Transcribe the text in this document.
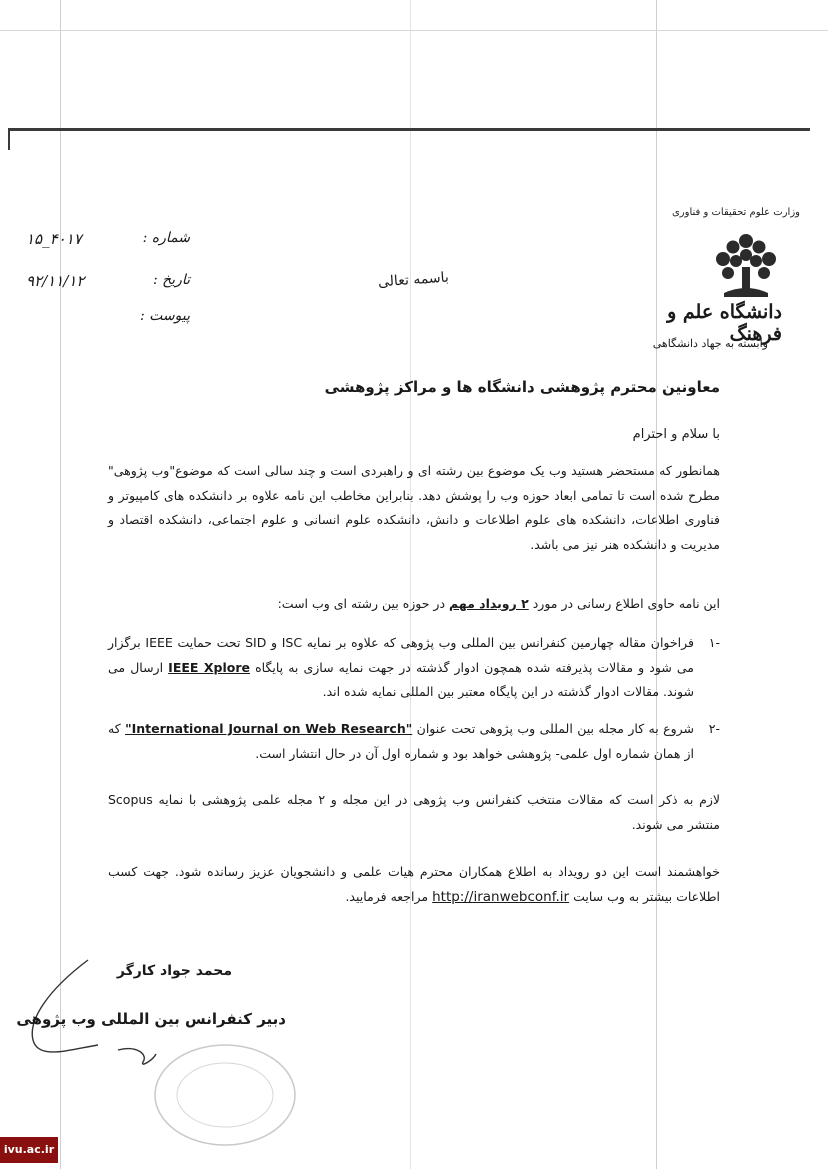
وزارت علوم تحقیقات و فناوری
دانشگاه علم و فرهنگ
وابسته به جهاد دانشگاهی
باسمه تعالی
شماره :
۱۵_۴۰۱۷
تاریخ :
۹۲/۱۱/۱۲
پیوست :
معاونین محترم پژوهشی دانشگاه ها و مراکز پژوهشی
با سلام و احترام
همانطور که مستحضر هستید وب یک موضوع بین رشته ای و راهبردی است و چند سالی است که موضوع"وب پژوهی" مطرح شده است تا تمامی ابعاد حوزه وب را پوشش دهد. بنابراین مخاطب این نامه علاوه بر دانشکده های کامپیوتر و فناوری اطلاعات، دانشکده های علوم اطلاعات و دانش، دانشکده علوم انسانی و علوم اجتماعی، دانشکده اقتصاد و مدیریت و دانشکده هنر نیز می باشد.
این نامه حاوی اطلاع رسانی در مورد ۲ رویداد مهم در حوزه بین رشته ای وب است:
-۱
فراخوان مقاله چهارمین کنفرانس بین المللی وب پژوهی که علاوه بر نمایه ISC و SID تحت حمایت IEEE برگزار می شود و مقالات پذیرفته شده همچون ادوار گذشته در جهت نمایه سازی به پایگاه IEEE Xplore ارسال می شوند. مقالات ادوار گذشته در این پایگاه معتبر بین المللی نمایه شده اند.
-۲
شروع به کار مجله بین المللی وب پژوهی تحت عنوان "International Journal on Web Research" که از همان شماره اول علمی- پژوهشی خواهد بود و شماره اول آن در حال انتشار است.
لازم به ذکر است که مقالات منتخب کنفرانس وب پژوهی در این مجله و ۲ مجله علمی پژوهشی با نمایه Scopus منتشر می شوند.
خواهشمند است این دو رویداد به اطلاع همکاران محترم هیات علمی و دانشجویان عزیز رسانده شود. جهت کسب اطلاعات بیشتر به وب سایت http://iranwebconf.ir مراجعه فرمایید.
محمد جواد کارگر
دبیر کنفرانس بین المللی وب پژوهی
ivu.ac.ir
